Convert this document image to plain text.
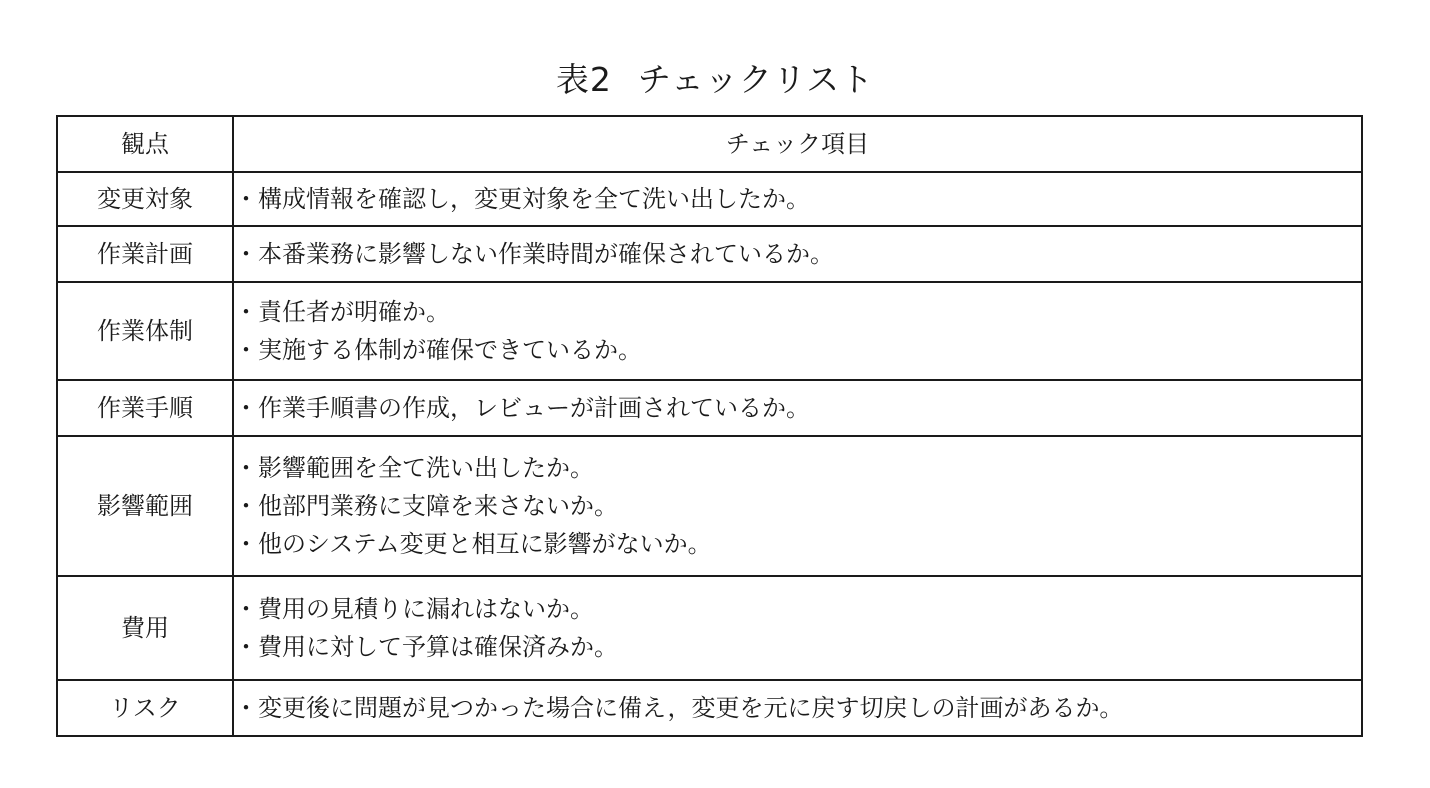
表2 チェックリスト
観点	チェック項目
変更対象	・構成情報を確認し，変更対象を全て洗い出したか。

作業計画	・本番業務に影響しない作業時間が確保されているか。

作業体制	・責任者が明確か。
・実施する体制が確保できているか。

作業手順	・作業手順書の作成，レビューが計画されているか。

影響範囲	・影響範囲を全て洗い出したか。
・他部門業務に支障を来さないか。
・他のシステム変更と相互に影響がないか。

費用	・費用の見積りに漏れはないか。
・費用に対して予算は確保済みか。

リスク	・変更後に問題が見つかった場合に備え，変更を元に戻す切戻しの計画があるか。
